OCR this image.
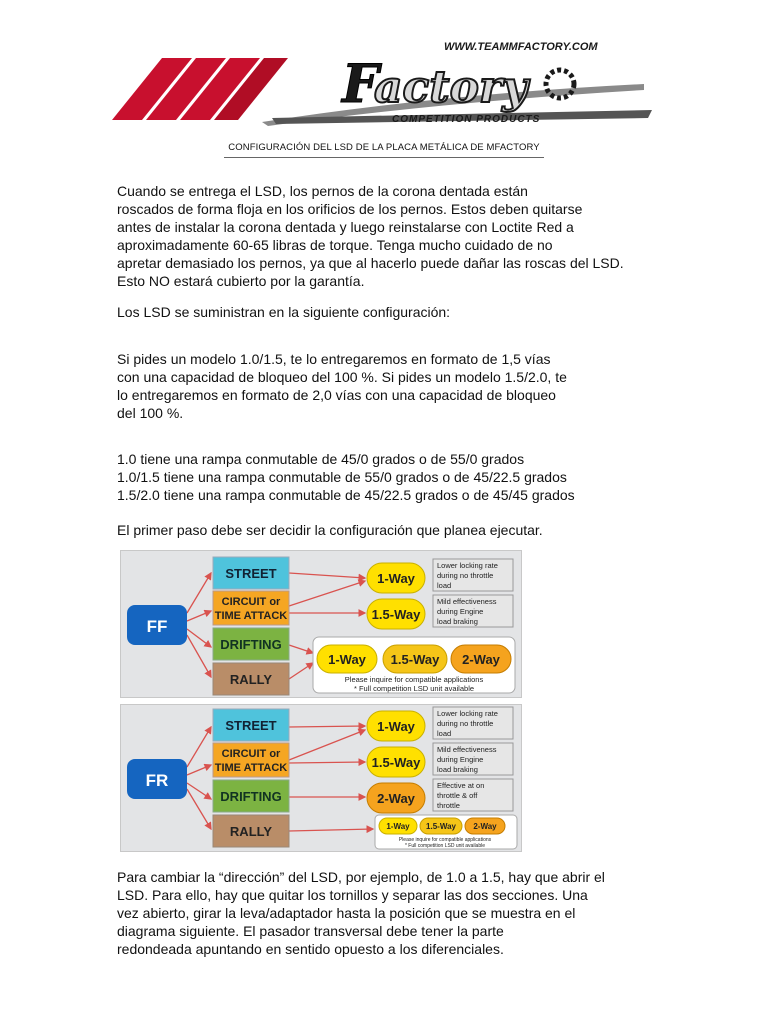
F
actory
WWW.TEAMMFACTORY.COM
COMPETITION PRODUCTS
CONFIGURACIÓN DEL LSD DE LA PLACA METÁLICA DE MFACTORY
Cuando se entrega el LSD, los pernos de la corona dentada están
roscados de forma floja en los orificios de los pernos. Estos deben quitarse
antes de instalar la corona dentada y luego reinstalarse con Loctite Red a
aproximadamente 60-65 libras de torque. Tenga mucho cuidado de no
apretar demasiado los pernos, ya que al hacerlo puede dañar las roscas del LSD.
Esto NO estará cubierto por la garantía.
Los LSD se suministran en la siguiente configuración:
Si pides un modelo 1.0/1.5, te lo entregaremos en formato de 1,5 vías
con una capacidad de bloqueo del 100 %. Si pides un modelo 1.5/2.0, te
lo entregaremos en formato de 2,0 vías con una capacidad de bloqueo
del 100 %.
1.0 tiene una rampa conmutable de 45/0 grados o de 55/0 grados
1.0/1.5 tiene una rampa conmutable de 55/0 grados o de 45/22.5 grados
1.5/2.0 tiene una rampa conmutable de 45/22.5 grados o de 45/45 grados
El primer paso debe ser decidir la configuración que planea ejecutar.
FF
STREET
CIRCUIT or
TIME ATTACK
DRIFTING
RALLY
1-Way
Lower locking rate
during no throttle
load
1.5-Way
Mild effectiveness
during Engine
load braking
1-Way 1.5-Way 2-Way
Please inquire for compatible applications
* Full competition LSD unit available
FR
STREET
CIRCUIT or
TIME ATTACK
DRIFTING
RALLY
1-Way
Lower locking rate
during no throttle
load
1.5-Way
Mild effectiveness
during Engine
load braking
2-Way
Effective at on
throttle & off
throttle
1-Way 1.5-Way 2-Way
Please inquire for compatible applications
* Full competition LSD unit available
Para cambiar la “dirección” del LSD, por ejemplo, de 1.0 a 1.5, hay que abrir el
LSD. Para ello, hay que quitar los tornillos y separar las dos secciones. Una
vez abierto, girar la leva/adaptador hasta la posición que se muestra en el
diagrama siguiente. El pasador transversal debe tener la parte
redondeada apuntando en sentido opuesto a los diferenciales.
